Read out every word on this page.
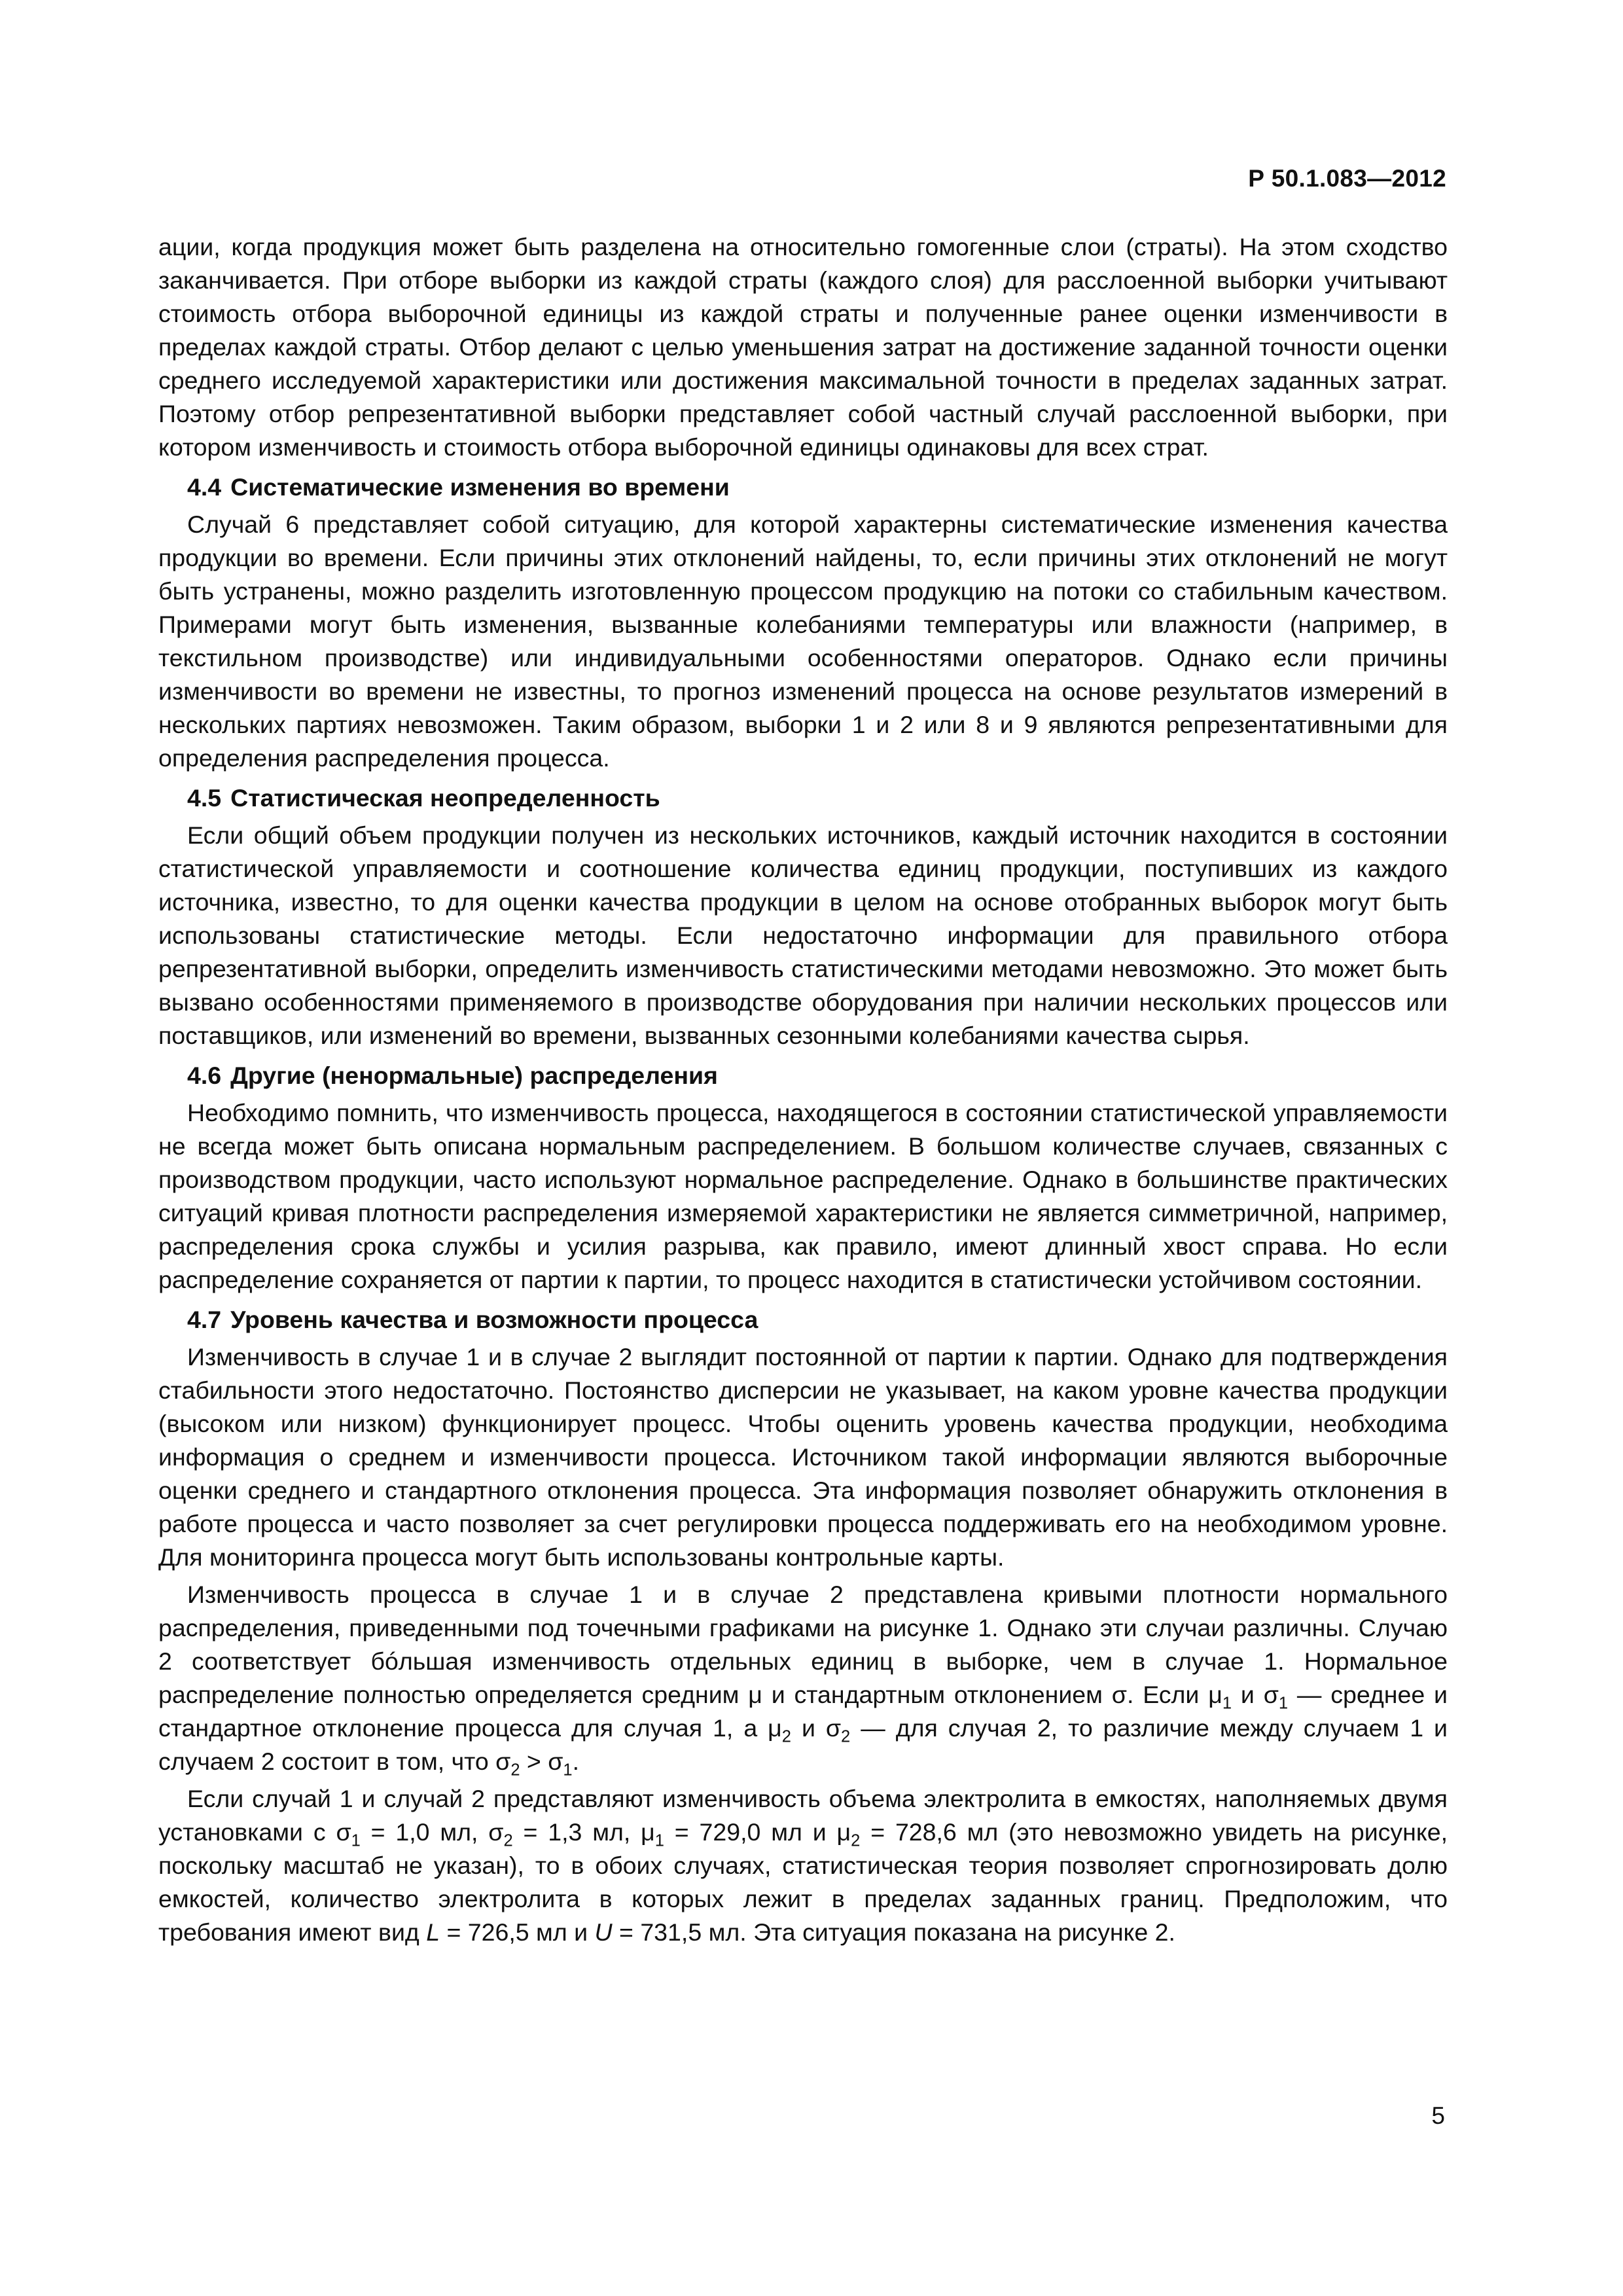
Р 50.1.083—2012

ации, когда продукция может быть разделена на относительно гомогенные слои (страты). На этом сходство заканчивается. При отборе выборки из каждой страты (каждого слоя) для расслоенной выборки учитывают стоимость отбора выборочной единицы из каждой страты и полученные ранее оценки изменчивости в пределах каждой страты. Отбор делают с целью уменьшения затрат на достижение заданной точности оценки среднего исследуемой характеристики или достижения максимальной точности в пределах заданных затрат. Поэтому отбор репрезентативной выборки представляет собой частный случай расслоенной выборки, при котором изменчивость и стоимость отбора выборочной единицы одинаковы для всех страт.

4.4 Систематические изменения во времени

Случай 6 представляет собой ситуацию, для которой характерны систематические изменения качества продукции во времени. Если причины этих отклонений найдены, то, если причины этих отклонений не могут быть устранены, можно разделить изготовленную процессом продукцию на потоки со стабильным качеством. Примерами могут быть изменения, вызванные колебаниями температуры или влажности (например, в текстильном производстве) или индивидуальными особенностями операторов. Однако если причины изменчивости во времени не известны, то прогноз изменений процесса на основе результатов измерений в нескольких партиях невозможен. Таким образом, выборки 1 и 2 или 8 и 9 являются репрезентативными для определения распределения процесса.

4.5 Статистическая неопределенность

Если общий объем продукции получен из нескольких источников, каждый источник находится в состоянии статистической управляемости и соотношение количества единиц продукции, поступивших из каждого источника, известно, то для оценки качества продукции в целом на основе отобранных выборок могут быть использованы статистические методы. Если недостаточно информации для правильного отбора репрезентативной выборки, определить изменчивость статистическими методами невозможно. Это может быть вызвано особенностями применяемого в производстве оборудования при наличии нескольких процессов или поставщиков, или изменений во времени, вызванных сезонными колебаниями качества сырья.

4.6 Другие (ненормальные) распределения

Необходимо помнить, что изменчивость процесса, находящегося в состоянии статистической управляемости не всегда может быть описана нормальным распределением. В большом количестве случаев, связанных с производством продукции, часто используют нормальное распределение. Однако в большинстве практических ситуаций кривая плотности распределения измеряемой характеристики не является симметричной, например, распределения срока службы и усилия разрыва, как правило, имеют длинный хвост справа. Но если распределение сохраняется от партии к партии, то процесс находится в статистически устойчивом состоянии.

4.7 Уровень качества и возможности процесса

Изменчивость в случае 1 и в случае 2 выглядит постоянной от партии к партии. Однако для подтверждения стабильности этого недостаточно. Постоянство дисперсии не указывает, на каком уровне качества продукции (высоком или низком) функционирует процесс. Чтобы оценить уровень качества продукции, необходима информация о среднем и изменчивости процесса. Источником такой информации являются выборочные оценки среднего и стандартного отклонения процесса. Эта информация позволяет обнаружить отклонения в работе процесса и часто позволяет за счет регулировки процесса поддерживать его на необходимом уровне. Для мониторинга процесса могут быть использованы контрольные карты.

Изменчивость процесса в случае 1 и в случае 2 представлена кривыми плотности нормального распределения, приведенными под точечными графиками на рисунке 1. Однако эти случаи различны. Случаю 2 соответствует бóльшая изменчивость отдельных единиц в выборке, чем в случае 1. Нормальное распределение полностью определяется средним μ и стандартным отклонением σ. Если $\mu_1$ и $\sigma_1$ — среднее и стандартное отклонение процесса для случая 1, а $\mu_2$ и $\sigma_2$ — для случая 2, то различие между случаем 1 и случаем 2 состоит в том, что $\sigma_2 > \sigma_1$.

Если случай 1 и случай 2 представляют изменчивость объема электролита в емкостях, наполняемых двумя установками с $\sigma_1 = 1,0$ мл, $\sigma_2 = 1,3$ мл, $\mu_1 = 729,0$ мл и $\mu_2 = 728,6$ мл (это невозможно увидеть на рисунке, поскольку масштаб не указан), то в обоих случаях, статистическая теория позволяет спрогнозировать долю емкостей, количество электролита в которых лежит в пределах заданных границ. Предположим, что требования имеют вид L = 726,5 мл и U = 731,5 мл. Эта ситуация показана на рисунке 2.

5
